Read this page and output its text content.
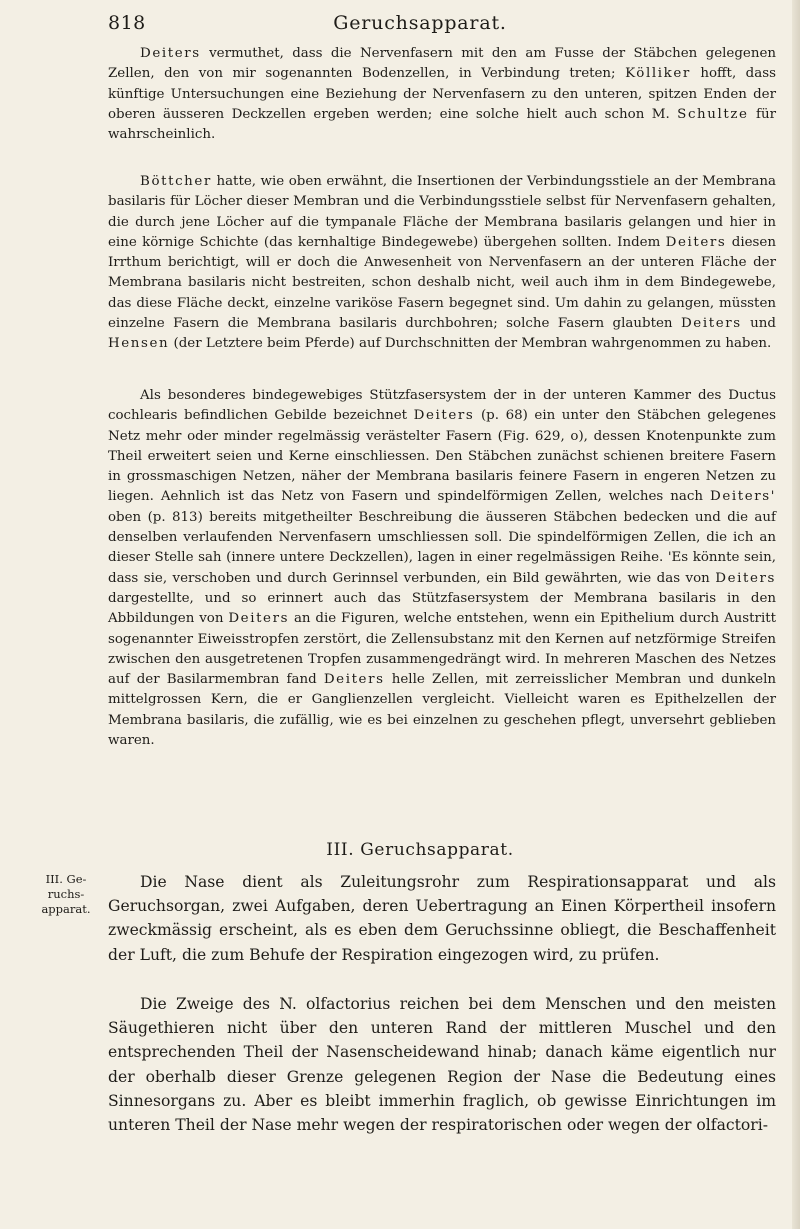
Geruchsapparat.
818

Deiters vermuthet, dass die Nervenfasern mit den am Fusse der Stäbchen gelegenen Zellen, den von mir sogenannten Bodenzellen, in Verbindung treten; Kölliker hofft, dass künftige Untersuchungen eine Beziehung der Nervenfasern zu den unteren, spitzen Enden der oberen äusseren Deckzellen ergeben werden; eine solche hielt auch schon M. Schultze für wahrscheinlich.

Böttcher hatte, wie oben erwähnt, die Insertionen der Verbindungsstiele an der Membrana basilaris für Löcher dieser Membran und die Verbindungsstiele selbst für Nervenfasern gehalten, die durch jene Löcher auf die tympanale Fläche der Membrana basilaris gelangen und hier in eine körnige Schichte (das kernhaltige Bindegewebe) übergehen sollten. Indem Deiters diesen Irrthum berichtigt, will er doch die Anwesenheit von Nervenfasern an der unteren Fläche der Membrana basilaris nicht bestreiten, schon deshalb nicht, weil auch ihm in dem Bindegewebe, das diese Fläche deckt, einzelne variköse Fasern begegnet sind. Um dahin zu gelangen, müssten einzelne Fasern die Membrana basilaris durchbohren; solche Fasern glaubten Deiters und Hensen (der Letztere beim Pferde) auf Durchschnitten der Membran wahrgenommen zu haben.

Als besonderes bindegewebiges Stützfasersystem der in der unteren Kammer des Ductus cochlearis befindlichen Gebilde bezeichnet Deiters (p. 68) ein unter den Stäbchen gelegenes Netz mehr oder minder regelmässig verästelter Fasern (Fig. 629, o), dessen Knotenpunkte zum Theil erweitert seien und Kerne einschliessen. Den Stäbchen zunächst schienen breitere Fasern in grossmaschigen Netzen, näher der Membrana basilaris feinere Fasern in engeren Netzen zu liegen. Aehnlich ist das Netz von Fasern und spindelförmigen Zellen, welches nach Deiters' oben (p. 813) bereits mitgetheilter Beschreibung die äusseren Stäbchen bedecken und die auf denselben verlaufenden Nervenfasern umschliessen soll. Die spindelförmigen Zellen, die ich an dieser Stelle sah (innere untere Deckzellen), lagen in einer regelmässigen Reihe. 'Es könnte sein, dass sie, verschoben und durch Gerinnsel verbunden, ein Bild gewährten, wie das von Deiters dargestellte, und so erinnert auch das Stützfasersystem der Membrana basilaris in den Abbildungen von Deiters an die Figuren, welche entstehen, wenn ein Epithelium durch Austritt sogenannter Eiweisstropfen zerstört, die Zellensubstanz mit den Kernen auf netzförmige Streifen zwischen den ausgetretenen Tropfen zusammengedrängt wird. In mehreren Maschen des Netzes auf der Basilarmembran fand Deiters helle Zellen, mit zerreisslicher Membran und dunkeln mittelgrossen Kern, die er Ganglienzellen vergleicht. Vielleicht waren es Epithelzellen der Membrana basilaris, die zufällig, wie es bei einzelnen zu geschehen pflegt, unversehrt geblieben waren.

III. Geruchsapparat.
III. Ge-
ruchs-
apparat.

Die Nase dient als Zuleitungsrohr zum Respirationsapparat und als Geruchsorgan, zwei Aufgaben, deren Uebertragung an Einen Körpertheil insofern zweckmässig erscheint, als es eben dem Geruchssinne obliegt, die Beschaffenheit der Luft, die zum Behufe der Respiration eingezogen wird, zu prüfen.

Die Zweige des N. olfactorius reichen bei dem Menschen und den meisten Säugethieren nicht über den unteren Rand der mittleren Muschel und den entsprechenden Theil der Nasenscheidewand hinab; danach käme eigentlich nur der oberhalb dieser Grenze gelegenen Region der Nase die Bedeutung eines Sinnesorgans zu. Aber es bleibt immerhin fraglich, ob gewisse Einrichtungen im unteren Theil der Nase mehr wegen der respiratorischen oder wegen der olfactori-
